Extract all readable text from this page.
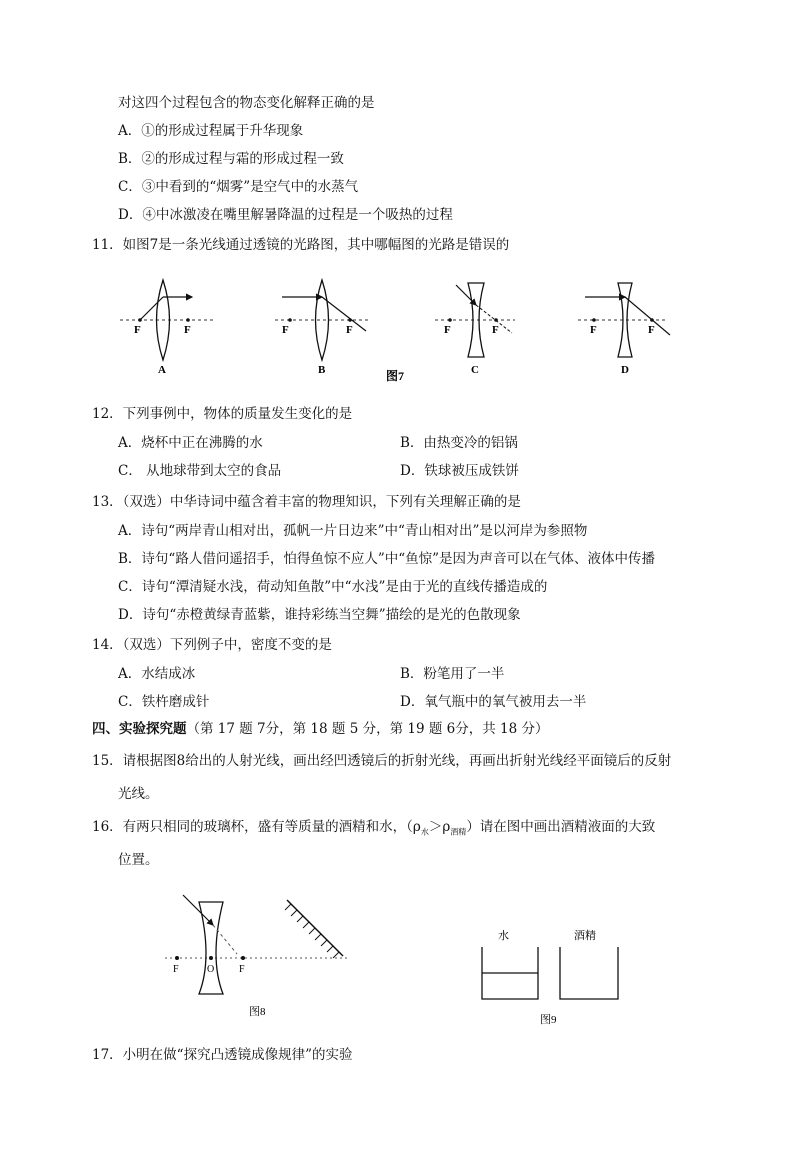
对这四个过程包含的物态变化解释正确的是
A．①的形成过程属于升华现象
B．②的形成过程与霜的形成过程一致
C．③中看到的“烟雾”是空气中的水蒸气
D．④中冰激凌在嘴里解暑降温的过程是一个吸热的过程
11．如图7是一条光线通过透镜的光路图，其中哪幅图的光路是错误的
F	F
A
F	F
B
F	F
C
图7
F	F
D
12．下列事例中，物体的质量发生变化的是
A．烧杯中正在沸腾的水	B．由热变冷的铝锅
C． 从地球带到太空的食品	D．铁球被压成铁饼
13．（双选）中华诗词中蕴含着丰富的物理知识，下列有关理解正确的是
A．诗句“两岸青山相对出，孤帆一片日边来”中“青山相对出”是以河岸为参照物
B．诗句“路人借问遥招手，怕得鱼惊不应人”中“鱼惊”是因为声音可以在气体、液体中传播
C．诗句“潭清疑水浅，荷动知鱼散”中“水浅”是由于光的直线传播造成的
D．诗句“赤橙黄绿青蓝紫，谁持彩练当空舞”描绘的是光的色散现象
14．（双选）下列例子中，密度不变的是
A．水结成冰	B．粉笔用了一半
C．铁杵磨成针	D．氧气瓶中的氧气被用去一半
四、实验探究题（第 17 题 7分，第 18 题 5 分，第 19 题 6分，共 18 分）
15．请根据图8给出的人射光线，画出经凹透镜后的折射光线，再画出折射光线经平面镜后的反射
光线。
16．有两只相同的玻璃杯，盛有等质量的酒精和水，$(\rho_水>\rho_{酒精})$请在图中画出酒精液面的大致
位置。
F	O F
图8
水	酒精
图9
17．小明在做“探究凸透镜成像规律”的实验
